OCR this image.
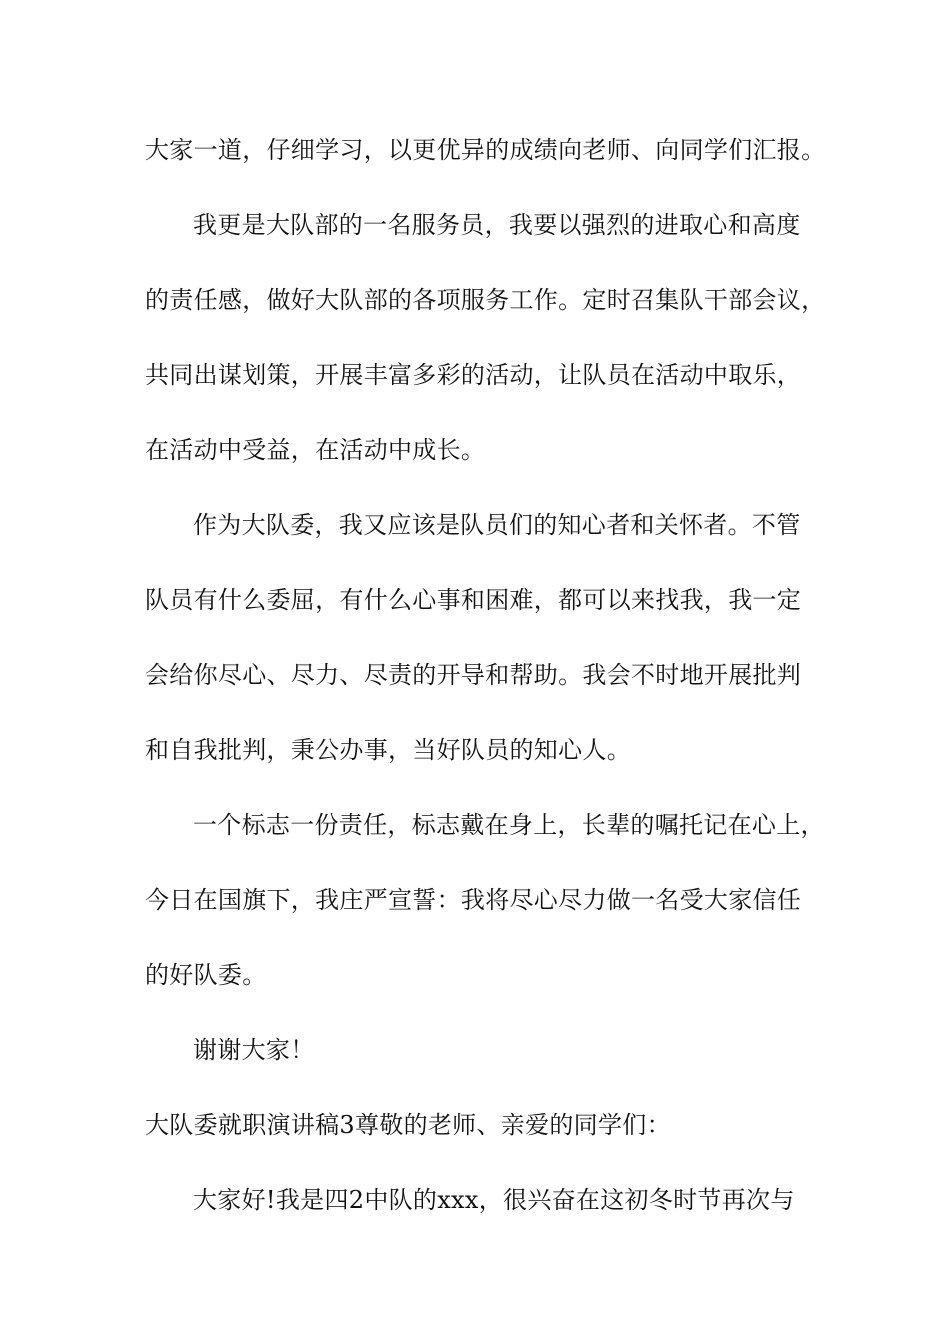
大家一道，仔细学习，以更优异的成绩向老师、向同学们汇报。
我更是大队部的一名服务员，我要以强烈的进取心和高度
的责任感，做好大队部的各项服务工作。定时召集队干部会议，
共同出谋划策，开展丰富多彩的活动，让队员在活动中取乐，
在活动中受益，在活动中成长。
作为大队委，我又应该是队员们的知心者和关怀者。不管
队员有什么委屈，有什么心事和困难，都可以来找我，我一定
会给你尽心、尽力、尽责的开导和帮助。我会不时地开展批判
和自我批判，秉公办事，当好队员的知心人。
一个标志一份责任，标志戴在身上，长辈的嘱托记在心上，
今日在国旗下，我庄严宣誓：我将尽心尽力做一名受大家信任
的好队委。
谢谢大家！
大队委就职演讲稿3尊敬的老师、亲爱的同学们：
大家好!我是四2中队的xxx，很兴奋在这初冬时节再次与
